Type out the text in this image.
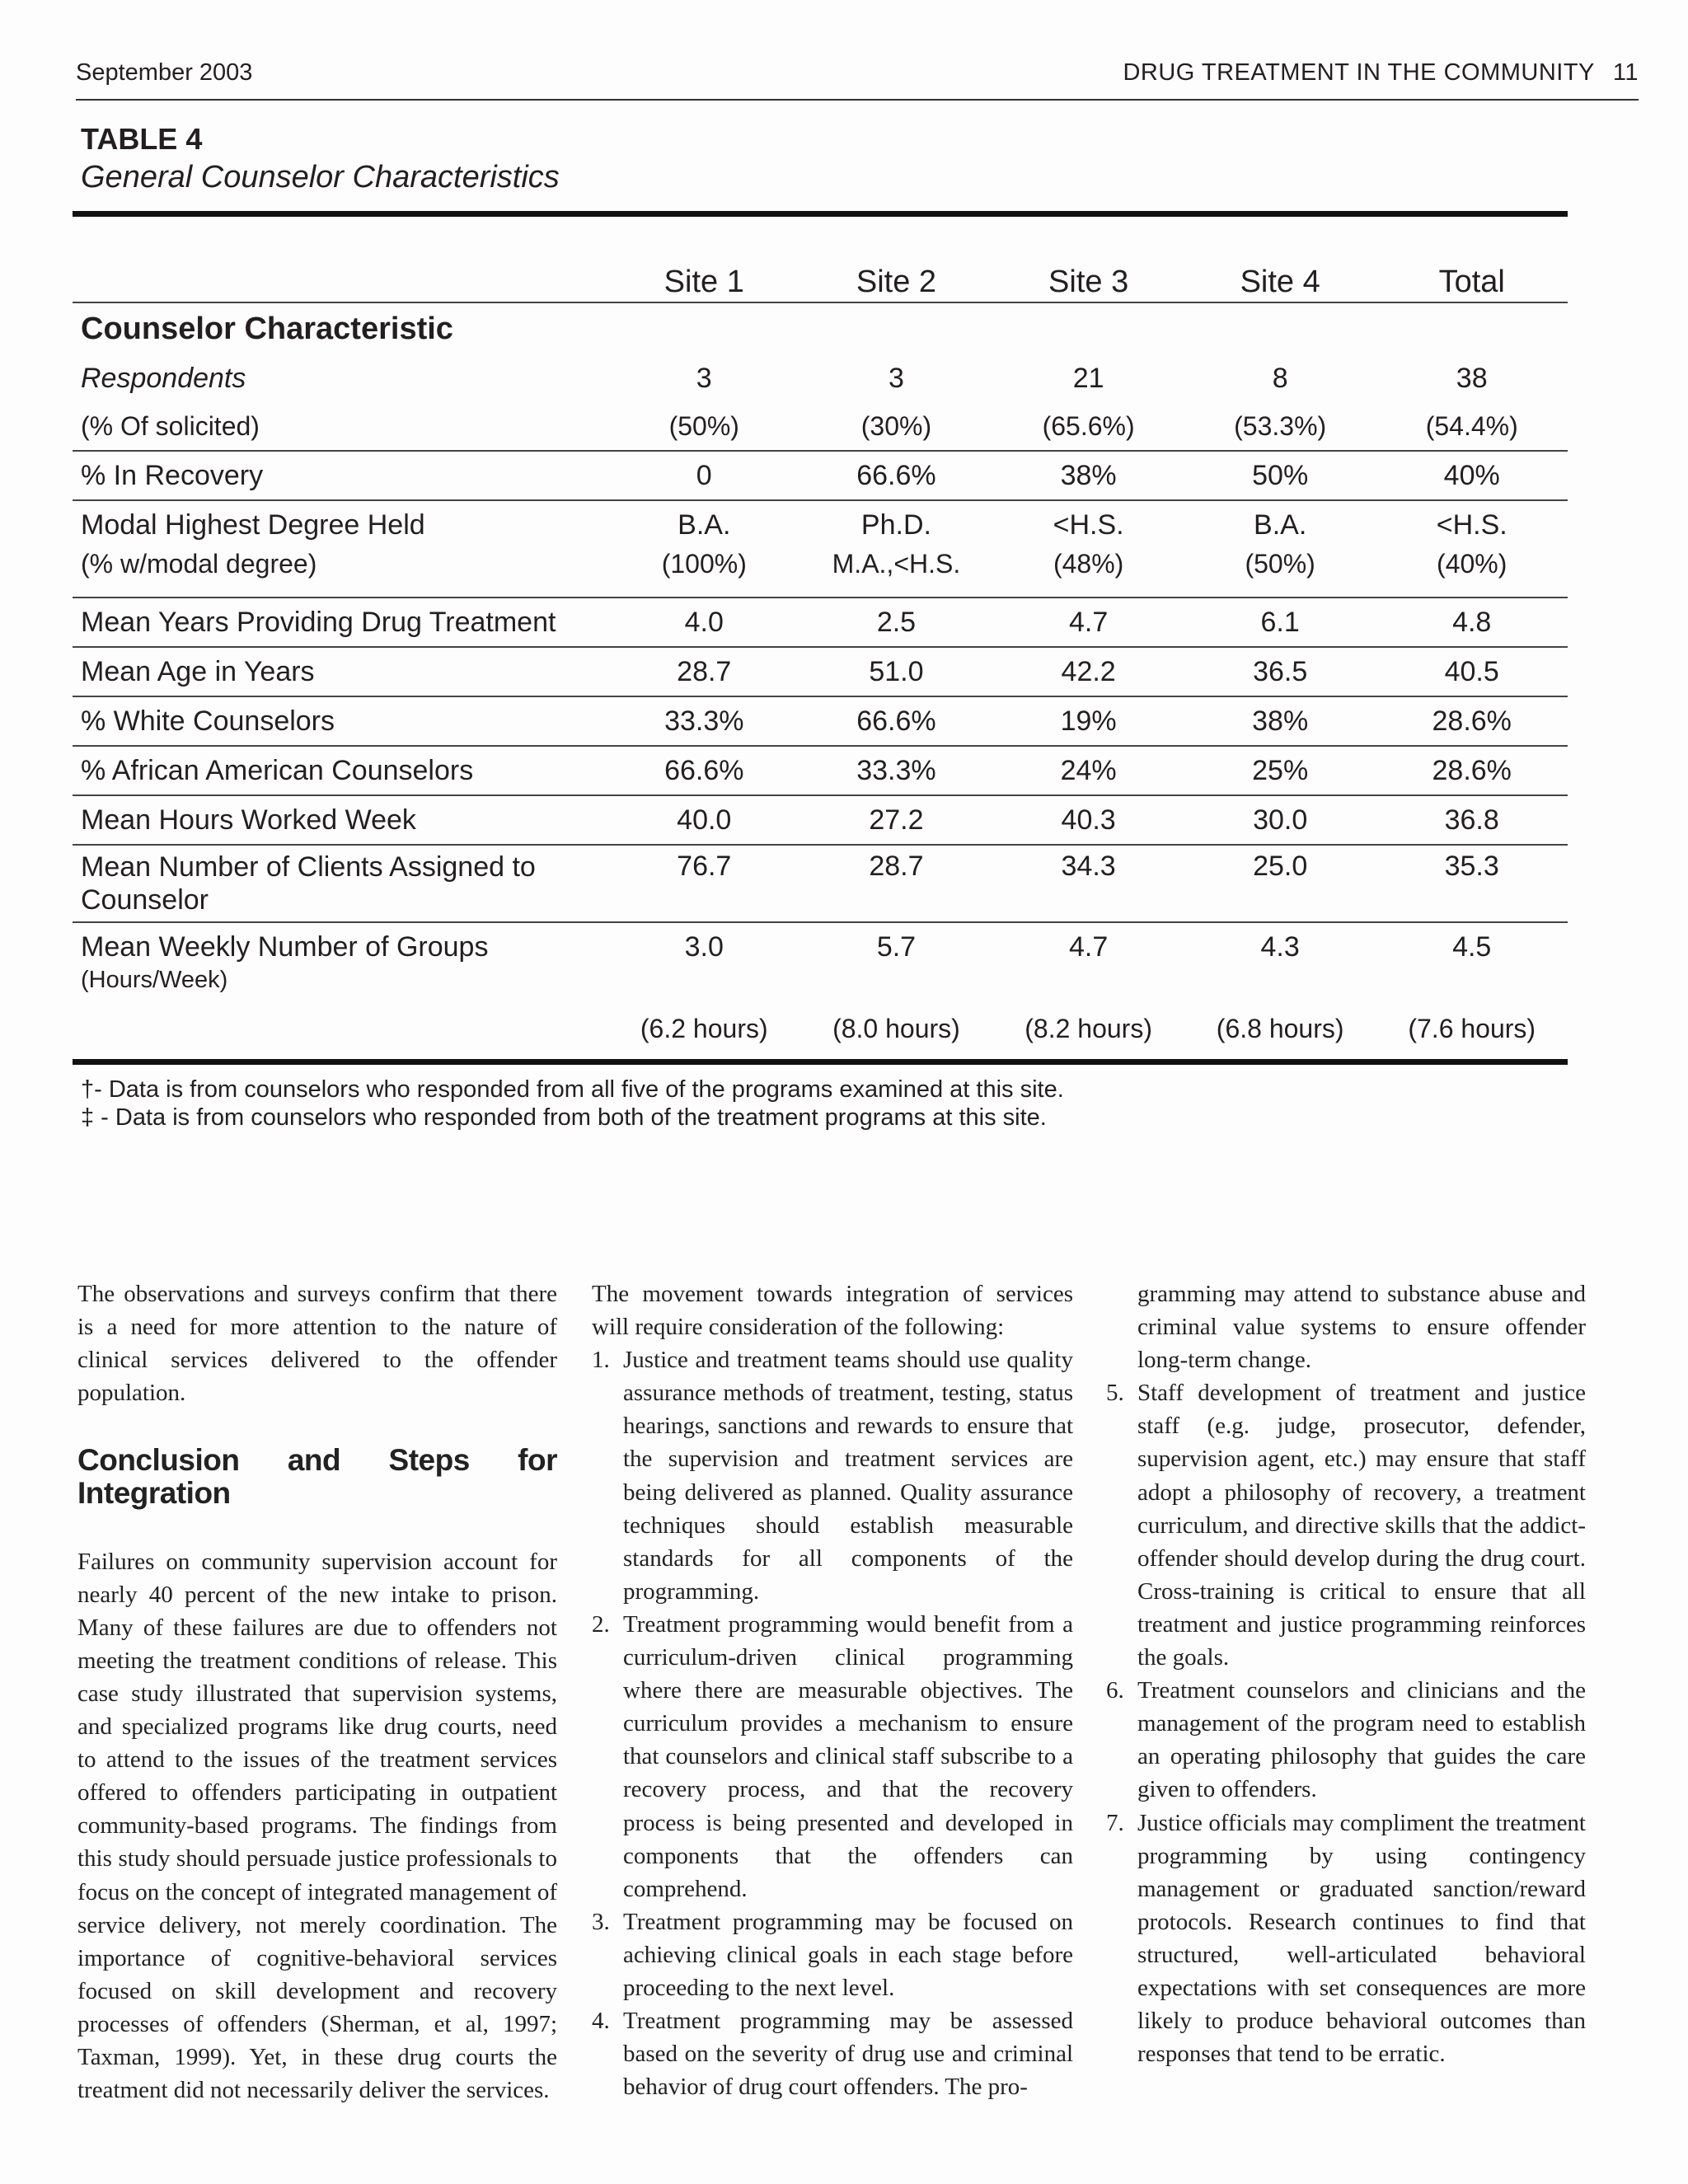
September 2003	DRUG TREATMENT IN THE COMMUNITY 11
TABLE 4
General Counselor Characteristics
	Site 1	Site 2	Site 3	Site 4	Total
Counselor Characteristic					
Respondents	3	3	21	8	38
(% Of solicited)	(50%)	(30%)	(65.6%)	(53.3%)	(54.4%)
% In Recovery	0	66.6%	38%	50%	40%
Modal Highest Degree Held	B.A.	Ph.D.	<H.S.	B.A.	<H.S.
(% w/modal degree)	(100%)	M.A.,<H.S.	(48%)	(50%)	(40%)
Mean Years Providing Drug Treatment	4.0	2.5	4.7	6.1	4.8
Mean Age in Years	28.7	51.0	42.2	36.5	40.5
% White Counselors	33.3%	66.6%	19%	38%	28.6%
% African American Counselors	66.6%	33.3%	24%	25%	28.6%
Mean Hours Worked Week	40.0	27.2	40.3	30.0	36.8
Mean Number of Clients Assigned to Counselor	76.7	28.7	34.3	25.0	35.3
Mean Weekly Number of Groups
(Hours/Week)	3.0	5.7	4.7	4.3	4.5
	(6.2 hours)	(8.0 hours)	(8.2 hours)	(6.8 hours)	(7.6 hours)
†- Data is from counselors who responded from all five of the programs examined at this site.
‡ - Data is from counselors who responded from both of the treatment programs at this site.

The observations and surveys confirm that there is a need for more attention to the nature of clinical services delivered to the offender population.

Conclusion and Steps for Integration

Failures on community supervision account for nearly 40 percent of the new intake to prison. Many of these failures are due to offenders not meeting the treatment conditions of release. This case study illustrated that supervision systems, and specialized programs like drug courts, need to attend to the issues of the treatment services offered to offenders participating in outpatient community-based programs. The findings from this study should persuade justice professionals to focus on the concept of integrated management of service delivery, not merely coordination. The importance of cognitive-behavioral services focused on skill development and recovery processes of offenders (Sherman, et al, 1997; Taxman, 1999). Yet, in these drug courts the treatment did not necessarily deliver the services.

The movement towards integration of services will require consideration of the following:

1. Justice and treatment teams should use quality assurance methods of treatment, testing, status hearings, sanctions and rewards to ensure that the supervision and treatment services are being delivered as planned. Quality assurance techniques should establish measurable standards for all components of the programming.
2. Treatment programming would benefit from a curriculum-driven clinical programming where there are measurable objectives. The curriculum provides a mechanism to ensure that counselors and clinical staff subscribe to a recovery process, and that the recovery process is being presented and developed in components that the offenders can comprehend.
3. Treatment programming may be focused on achieving clinical goals in each stage before proceeding to the next level.
4. Treatment programming may be assessed based on the severity of drug use and criminal behavior of drug court offenders. The pro-

gramming may attend to substance abuse and criminal value systems to ensure offender long-term change.

5. Staff development of treatment and justice staff (e.g. judge, prosecutor, defender, supervision agent, etc.) may ensure that staff adopt a philosophy of recovery, a treatment curriculum, and directive skills that the addict-offender should develop during the drug court. Cross-training is critical to ensure that all treatment and justice programming reinforces the goals.
6. Treatment counselors and clinicians and the management of the program need to establish an operating philosophy that guides the care given to offenders.
7. Justice officials may compliment the treatment programming by using contingency management or graduated sanction/reward protocols. Research continues to find that structured, well-articulated behavioral expectations with set consequences are more likely to produce behavioral outcomes than responses that tend to be erratic.
